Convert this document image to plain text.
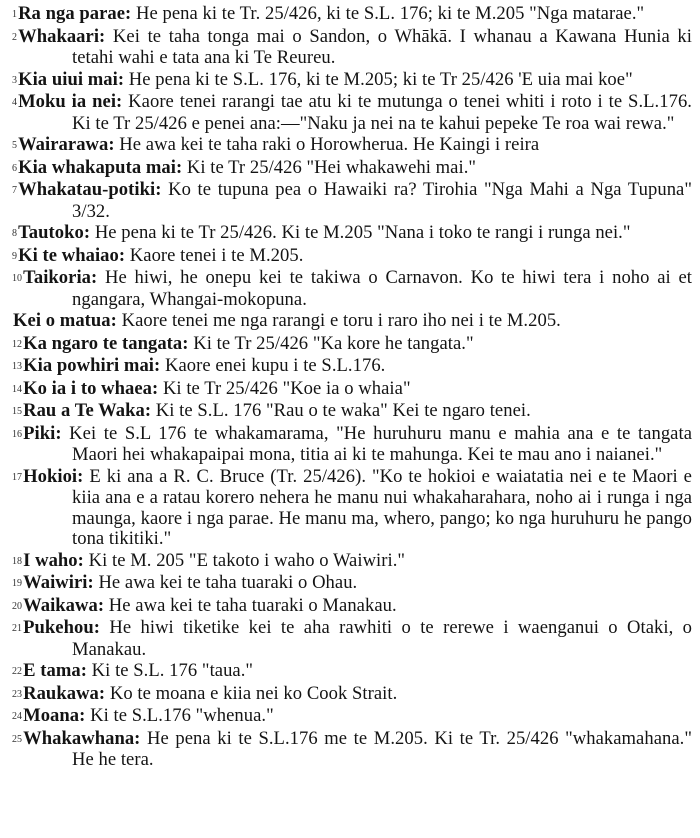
1Ra nga parae: He pena ki te Tr. 25/426, ki te S.L. 176; ki te M.205 "Nga matarae."

2Whakaari: Kei te taha tonga mai o Sandon, o Whākā. I whanau a Kawana Hunia ki tetahi wahi e tata ana ki Te Reureu.

3Kia uiui mai: He pena ki te S.L. 176, ki te M.205; ki te Tr 25/426 'E uia mai koe"

4Moku ia nei: Kaore tenei rarangi tae atu ki te mutunga o tenei whiti i roto i te S.L.176. Ki te Tr 25/426 e penei ana:—"Naku ja nei na te kahui pepeke Te roa wai rewa."

5Wairarawa: He awa kei te taha raki o Horowheruа. He Kaingi i reira

6Kia whakaputa mai: Ki te Tr 25/426 "Hei whakawehi mai."

7Whakatau-potiki: Ko te tupuna pea o Hawaiki ra? Tirohia "Nga Mahi a Nga Tupuna" 3/32.

8Tautoko: He pena ki te Tr 25/426. Ki te M.205 "Nana i toko te rangi i runga nei."

9Ki te whaiao: Kaore tenei i te M.205.

10Taikoria: He hiwi, he onepu kei te takiwa o Carnavon. Ko te hiwi tera i noho ai et ngangara, Whangai-mokopuna.

Kei o matua: Kaore tenei me nga rarangi e toru i raro iho nei i te M.205.

12Ka ngaro te tangata: Ki te Tr 25/426 "Ka kore he tangata."

13Kia powhiri mai: Kaore enei kupu i te S.L.176.

14Ko ia i to whaea: Ki te Tr 25/426 "Koe ia o whaia"

15Rau a Te Waka: Ki te S.L. 176 "Rau o te waka" Kei te ngaro tenei.

16Piki: Kei te S.L 176 te whakamarama, "He huruhuru manu e mahia ana e te tangata Maori hei whakapaipai mona, titia ai ki te mahunga. Kei te mau ano i naianei."

17Hokioi: E ki ana a R. C. Bruce (Tr. 25/426). "Ko te hokioi e waiatatia nei e te Maori e kiia ana e a ratau korero nehera he manu nui whakaharahara, noho ai i runga i nga maunga, kaore i nga parae. He manu ma, whero, pango; ko nga huruhuru he pango tona tikitiki."

18I waho: Ki te M. 205 "E takoto i waho o Waiwiri."

19Waiwiri: He awa kei te taha tuaraki o Ohau.

20Waikawa: He awa kei te taha tuaraki o Manakau.

21Pukehou: He hiwi tiketike kei te aha rawhiti o te rerewe i waenganui o Otaki, o Manakau.

22E tama: Ki te S.L. 176 "taua."

23Raukawa: Ko te moana e kiia nei ko Cook Strait.

24Moana: Ki te S.L.176 "whenua."

25Whakawhana: He pena ki te S.L.176 me te M.205. Ki te Tr. 25/426 "whakamahana." He he tera.
